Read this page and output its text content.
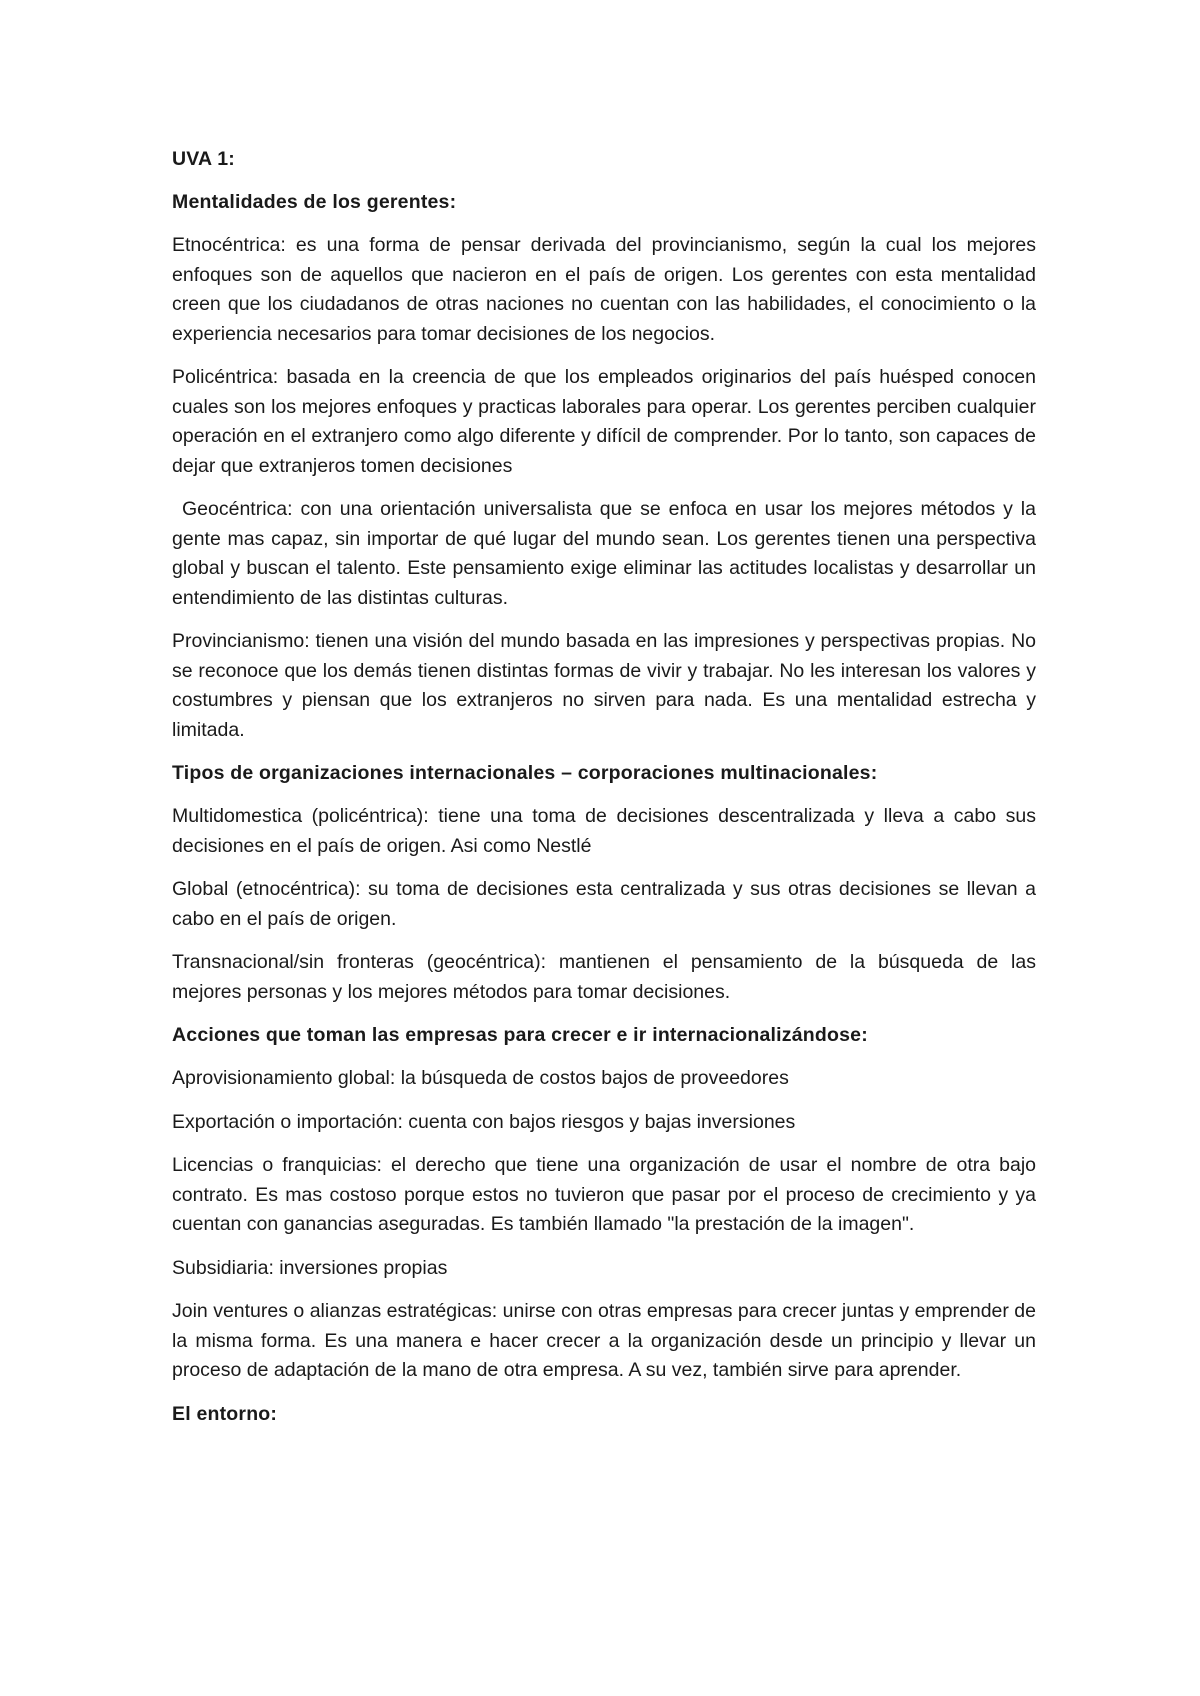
UVA 1:
Mentalidades de los gerentes:

Etnocéntrica: es una forma de pensar derivada del provincianismo, según la cual los mejores enfoques son de aquellos que nacieron en el país de origen. Los gerentes con esta mentalidad creen que los ciudadanos de otras naciones no cuentan con las habilidades, el conocimiento o la experiencia necesarios para tomar decisiones de los negocios.

Policéntrica: basada en la creencia de que los empleados originarios del país huésped conocen cuales son los mejores enfoques y practicas laborales para operar. Los gerentes perciben cualquier operación en el extranjero como algo diferente y difícil de comprender. Por lo tanto, son capaces de dejar que extranjeros tomen decisiones

Geocéntrica: con una orientación universalista que se enfoca en usar los mejores métodos y la gente mas capaz, sin importar de qué lugar del mundo sean. Los gerentes tienen una perspectiva global y buscan el talento. Este pensamiento exige eliminar las actitudes localistas y desarrollar un entendimiento de las distintas culturas.

Provincianismo: tienen una visión del mundo basada en las impresiones y perspectivas propias. No se reconoce que los demás tienen distintas formas de vivir y trabajar. No les interesan los valores y costumbres y piensan que los extranjeros no sirven para nada. Es una mentalidad estrecha y limitada.

Tipos de organizaciones internacionales – corporaciones multinacionales:

Multidomestica (policéntrica): tiene una toma de decisiones descentralizada y lleva a cabo sus decisiones en el país de origen. Asi como Nestlé

Global (etnocéntrica): su toma de decisiones esta centralizada y sus otras decisiones se llevan a cabo en el país de origen.

Transnacional/sin fronteras (geocéntrica): mantienen el pensamiento de la búsqueda de las mejores personas y los mejores métodos para tomar decisiones.

Acciones que toman las empresas para crecer e ir internacionalizándose:

Aprovisionamiento global: la búsqueda de costos bajos de proveedores

Exportación o importación: cuenta con bajos riesgos y bajas inversiones

Licencias o franquicias: el derecho que tiene una organización de usar el nombre de otra bajo contrato. Es mas costoso porque estos no tuvieron que pasar por el proceso de crecimiento y ya cuentan con ganancias aseguradas. Es también llamado "la prestación de la imagen".

Subsidiaria: inversiones propias

Join ventures o alianzas estratégicas: unirse con otras empresas para crecer juntas y emprender de la misma forma. Es una manera e hacer crecer a la organización desde un principio y llevar un proceso de adaptación de la mano de otra empresa. A su vez, también sirve para aprender.

El entorno:
